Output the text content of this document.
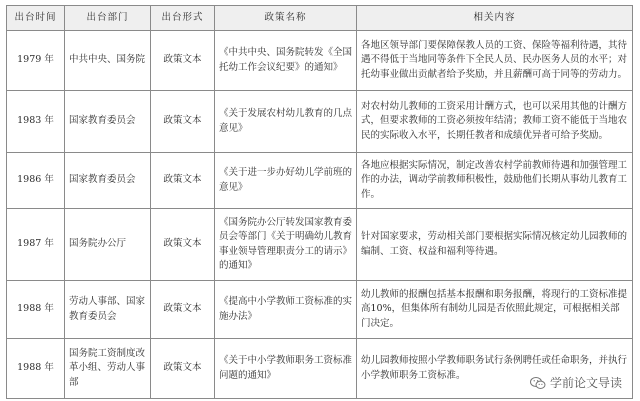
出台时间	出台部门	出台形式	政策名称	相关内容
1979 年	中共中央、国务院	政策文本	《中共中央、国务院转发《全国托幼工作会议纪要》的通知》	各地区领导部门要保障保教人员的工资、保险等福利待遇，其待遇不得低于当地同等条件下全民人员、民办医务人员的水平；对托幼事业做出贡献者给予奖励，并且薪酬可高于同等的劳动力。
1983 年	国家教育委员会	政策文本	《关于发展农村幼儿教育的几点意见》	对农村幼儿教师的工资采用计酬方式，也可以采用其他的计酬方式，但要求教师的工资必须按年结清；教师工资不能低于当地农民的实际收入水平，长期任教者和成绩优异者可给予奖励。
1986 年	国家教育委员会	政策文本	《关于进一步办好幼儿学前班的意见》	各地应根据实际情况，制定改善农村学前教师待遇和加强管理工作的办法，调动学前教师积极性，鼓励他们长期从事幼儿教育工作。
1987 年	国务院办公厅	政策文本	《国务院办公厅转发国家教育委员会等部门《关于明确幼儿教育事业领导管理职责分工的请示》的通知》	针对国家要求，劳动相关部门要根据实际情况核定幼儿园教师的编制、工资、权益和福利等待遇。
1988 年	劳动人事部、国家教育委员会	政策文本	《提高中小学教师工资标准的实施办法》	幼儿教师的报酬包括基本报酬和职务报酬，将现行的工资标准提高10%，但集体所有制幼儿园是否依照此规定，可根据相关部门决定。
1988 年	国务院工资制度改革小组、劳动人事部	政策文本	《关于中小学教师职务工资标准问题的通知》	幼儿园教师按照小学教师职务试行条例聘任或任命职务，并执行小学教师职务工资标准。
学前论文导读
